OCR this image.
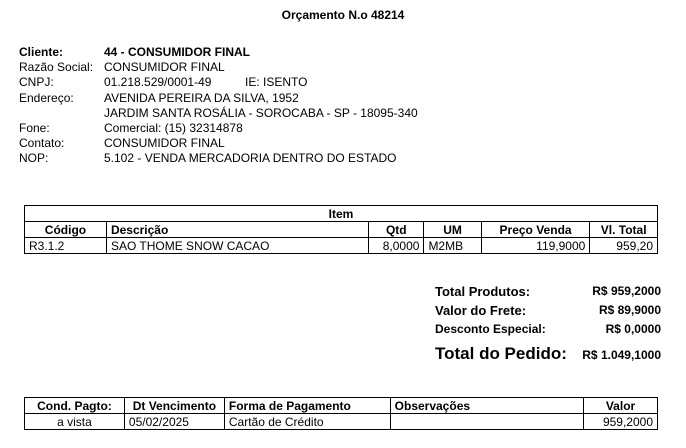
Orçamento N.o 48214
Cliente:	44 - CONSUMIDOR FINAL
Razão Social: CONSUMIDOR FINAL
CNPJ:	01.218.529/0001-49	IE: ISENTO
Endereço:	AVENIDA PEREIRA DA SILVA, 1952
JARDIM SANTA ROSÁLIA - SOROCABA - SP - 18095-340
Fone:	Comercial: (15) 32314878
Contato:	CONSUMIDOR FINAL
NOP:	5.102 - VENDA MERCADORIA DENTRO DO ESTADO
Item					
Código	Descrição	Qtd	UM	Preço Venda	Vl. Total
R3.1.2	SAO THOME SNOW CACAO	8,0000	M2MB	119,9000	959,20
Total Produtos:	R$ 959,2000
Valor do Frete:	R$ 89,9000
Desconto Especial:	R$ 0,0000
Total do Pedido: R$ 1.049,1000
Cond. Pagto:	Dt Vencimento	Forma de Pagamento	Observações	Valor
a vista	05/02/2025	Cartão de Crédito		959,2000
